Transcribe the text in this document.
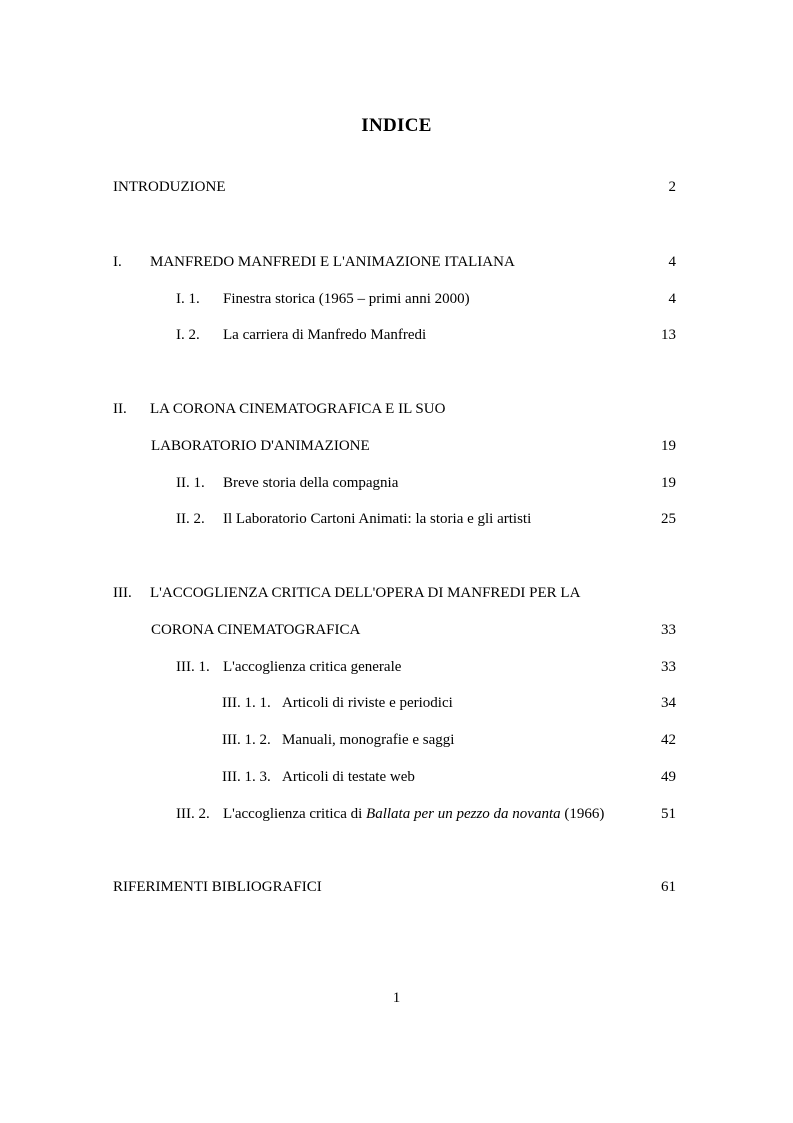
INDICE
INTRODUZIONE	2
I. MANFREDO MANFREDI E L'ANIMAZIONE ITALIANA	4
I. 1. Finestra storica (1965 – primi anni 2000)	4
I. 2. La carriera di Manfredo Manfredi	13
II. LA CORONA CINEMATOGRAFICA E IL SUO
LABORATORIO D'ANIMAZIONE	19
II. 1. Breve storia della compagnia	19
II. 2. Il Laboratorio Cartoni Animati: la storia e gli artisti	25
III. L'ACCOGLIENZA CRITICA DELL'OPERA DI MANFREDI PER LA
CORONA CINEMATOGRAFICA	33
III. 1. L'accoglienza critica generale	33
III. 1. 1. Articoli di riviste e periodici	34
III. 1. 2. Manuali, monografie e saggi	42
III. 1. 3. Articoli di testate web	49
III. 2. L'accoglienza critica di Ballata per un pezzo da novanta (1966)	51
RIFERIMENTI BIBLIOGRAFICI	61
1
